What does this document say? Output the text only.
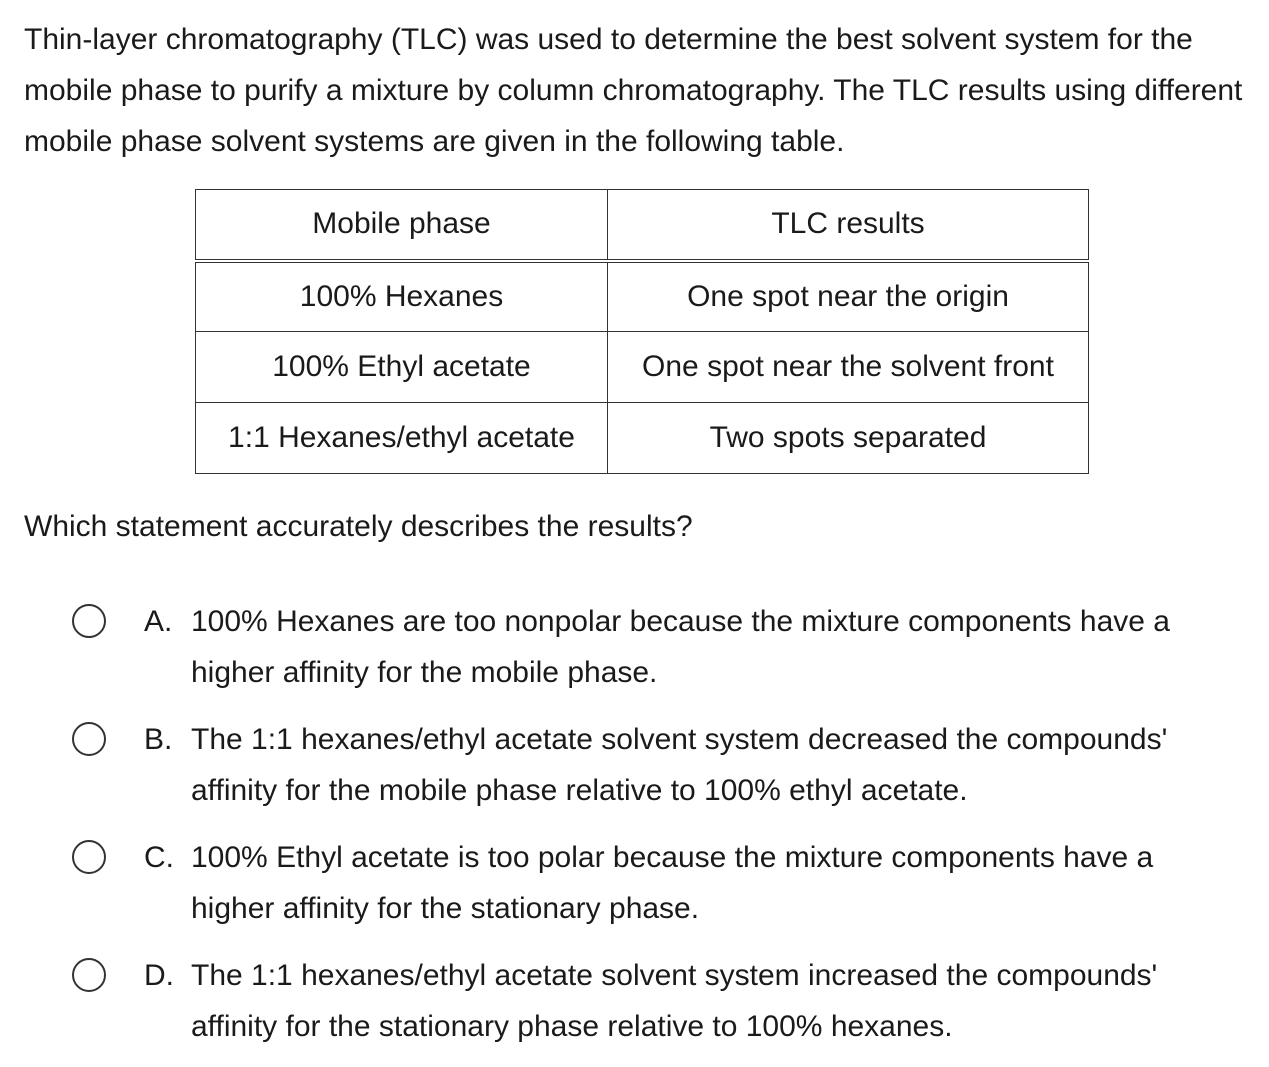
Thin-layer chromatography (TLC) was used to determine the best solvent system for the mobile phase to purify a mixture by column chromatography. The TLC results using different mobile phase solvent systems are given in the following table.

Mobile phase	TLC results
100% Hexanes	One spot near the origin
100% Ethyl acetate	One spot near the solvent front
1:1 Hexanes/ethyl acetate	Two spots separated

Which statement accurately describes the results?

A. 100% Hexanes are too nonpolar because the mixture components have a higher affinity for the mobile phase.
B. The 1:1 hexanes/ethyl acetate solvent system decreased the compounds' affinity for the mobile phase relative to 100% ethyl acetate.
C. 100% Ethyl acetate is too polar because the mixture components have a higher affinity for the stationary phase.
D. The 1:1 hexanes/ethyl acetate solvent system increased the compounds' affinity for the stationary phase relative to 100% hexanes.
